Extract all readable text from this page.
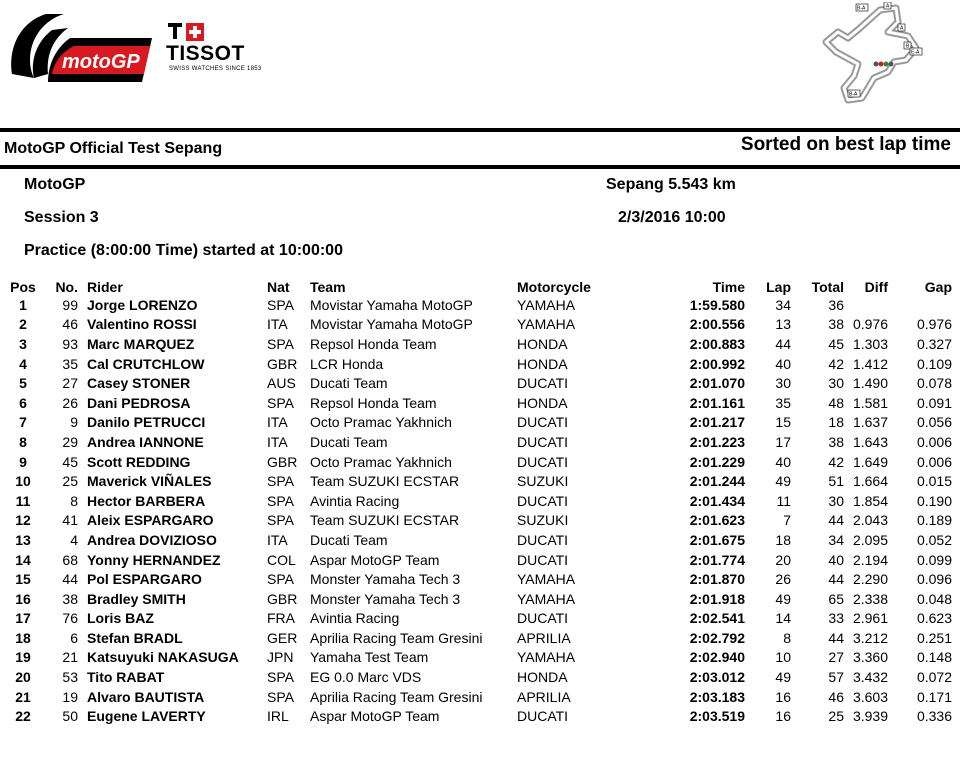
motoGP TISSOT
SWISS WATCHES SINCE 1853
B-A	A
B
A
E-A
B-A
MotoGP Official Test Sepang	Sorted on best lap time
MotoGP	Sepang 5.543 km
Session 3	2/3/2016 10:00
Practice (8:00:00 Time) started at 10:00:00
Pos	No.	Rider	Nat	Team	Motorcycle	Time	Lap	Total	Diff	Gap
1	99	Jorge LORENZO	SPA	Movistar Yamaha MotoGP	YAMAHA	1:59.580	34	36		
2	46	Valentino ROSSI	ITA	Movistar Yamaha MotoGP	YAMAHA	2:00.556	13	38	0.976	0.976
3	93	Marc MARQUEZ	SPA	Repsol Honda Team	HONDA	2:00.883	44	45	1.303	0.327
4	35	Cal CRUTCHLOW	GBR	LCR Honda	HONDA	2:00.992	40	42	1.412	0.109
5	27	Casey STONER	AUS	Ducati Team	DUCATI	2:01.070	30	30	1.490	0.078
6	26	Dani PEDROSA	SPA	Repsol Honda Team	HONDA	2:01.161	35	48	1.581	0.091
7	9	Danilo PETRUCCI	ITA	Octo Pramac Yakhnich	DUCATI	2:01.217	15	18	1.637	0.056
8	29	Andrea IANNONE	ITA	Ducati Team	DUCATI	2:01.223	17	38	1.643	0.006
9	45	Scott REDDING	GBR	Octo Pramac Yakhnich	DUCATI	2:01.229	40	42	1.649	0.006
10	25	Maverick VIÑALES	SPA	Team SUZUKI ECSTAR	SUZUKI	2:01.244	49	51	1.664	0.015
11	8	Hector BARBERA	SPA	Avintia Racing	DUCATI	2:01.434	11	30	1.854	0.190
12	41	Aleix ESPARGARO	SPA	Team SUZUKI ECSTAR	SUZUKI	2:01.623	7	44	2.043	0.189
13	4	Andrea DOVIZIOSO	ITA	Ducati Team	DUCATI	2:01.675	18	34	2.095	0.052
14	68	Yonny HERNANDEZ	COL	Aspar MotoGP Team	DUCATI	2:01.774	20	40	2.194	0.099
15	44	Pol ESPARGARO	SPA	Monster Yamaha Tech 3	YAMAHA	2:01.870	26	44	2.290	0.096
16	38	Bradley SMITH	GBR	Monster Yamaha Tech 3	YAMAHA	2:01.918	49	65	2.338	0.048
17	76	Loris BAZ	FRA	Avintia Racing	DUCATI	2:02.541	14	33	2.961	0.623
18	6	Stefan BRADL	GER	Aprilia Racing Team Gresini	APRILIA	2:02.792	8	44	3.212	0.251
19	21	Katsuyuki NAKASUGA	JPN	Yamaha Test Team	YAMAHA	2:02.940	10	27	3.360	0.148
20	53	Tito RABAT	SPA	EG 0.0 Marc VDS	HONDA	2:03.012	49	57	3.432	0.072
21	19	Alvaro BAUTISTA	SPA	Aprilia Racing Team Gresini	APRILIA	2:03.183	16	46	3.603	0.171
22	50	Eugene LAVERTY	IRL	Aspar MotoGP Team	DUCATI	2:03.519	16	25	3.939	0.336
